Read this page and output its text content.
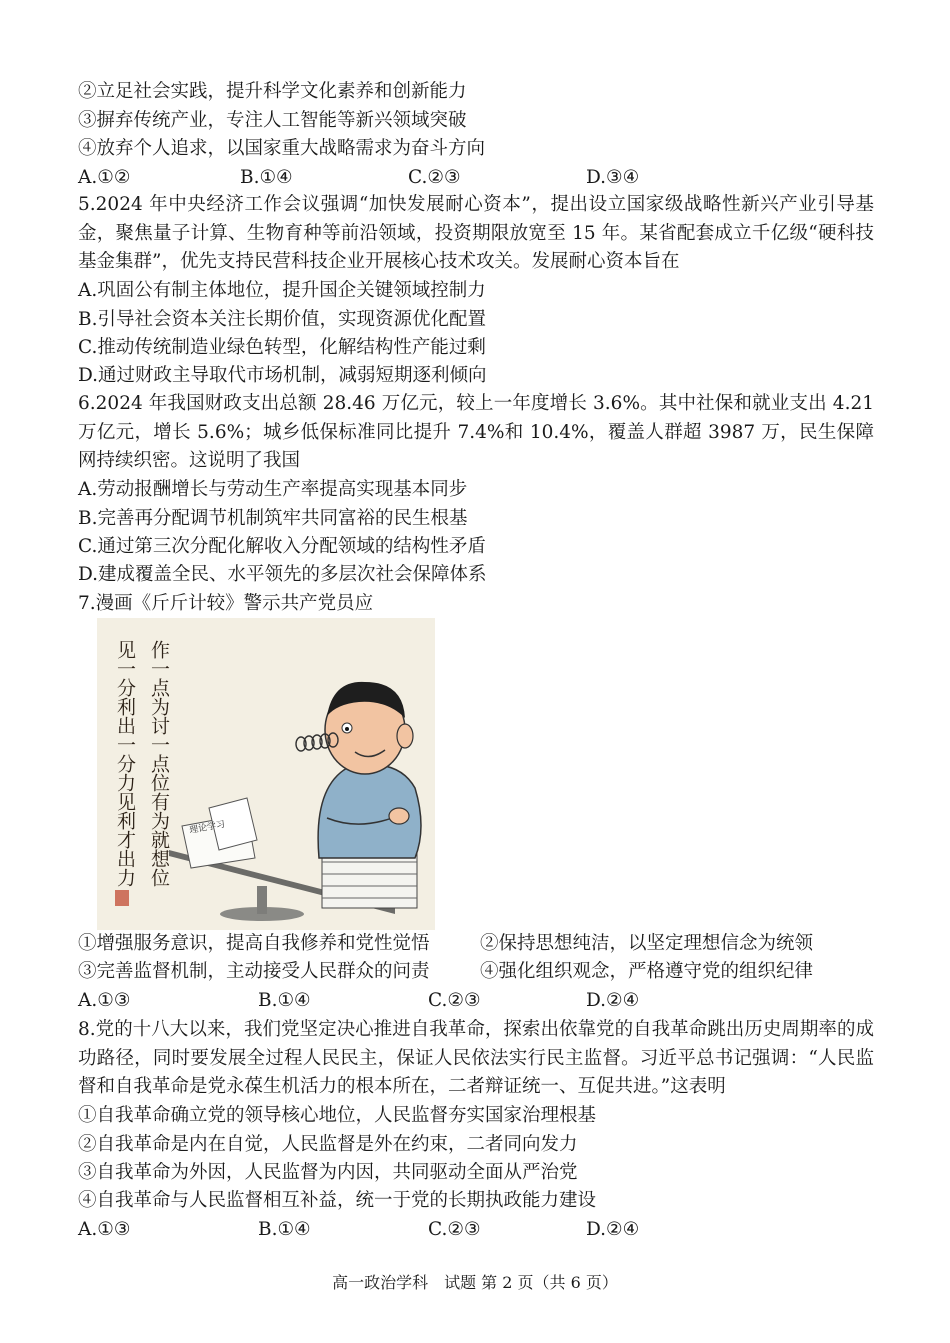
②立足社会实践，提升科学文化素养和创新能力
③摒弃传统产业，专注人工智能等新兴领域突破
④放弃个人追求，以国家重大战略需求为奋斗方向
A.①②	B.①④	C.②③	D.③④
5.2024 年中央经济工作会议强调“加快发展耐心资本”，提出设立国家级战略性新兴产业引导基金，聚焦量子计算、生物育种等前沿领域，投资期限放宽至 15 年。某省配套成立千亿级“硬科技基金集群”，优先支持民营科技企业开展核心技术攻关。发展耐心资本旨在
A.巩固公有制主体地位，提升国企关键领域控制力
B.引导社会资本关注长期价值，实现资源优化配置
C.推动传统制造业绿色转型，化解结构性产能过剩
D.通过财政主导取代市场机制，减弱短期逐利倾向
6.2024 年我国财政支出总额 28.46 万亿元，较上一年度增长 3.6%。其中社保和就业支出 4.21 万亿元，增长 5.6%；城乡低保标准同比提升 7.4%和 10.4%，覆盖人群超 3987 万，民生保障网持续织密。这说明了我国
A.劳动报酬增长与劳动生产率提高实现基本同步
B.完善再分配调节机制筑牢共同富裕的民生根基
C.通过第三次分配化解收入分配领域的结构性矛盾
D.建成覆盖全民、水平领先的多层次社会保障体系
7.漫画《斤斤计较》警示共产党员应
作一点为讨一点位有为就想位
见一分利出一分力见利才出力	理论学习
①增强服务意识，提高自我修养和党性觉悟	②保持思想纯洁，以坚定理想信念为统领
③完善监督机制，主动接受人民群众的问责	④强化组织观念，严格遵守党的组织纪律
A.①③	B.①④	C.②③	D.②④
8.党的十八大以来，我们党坚定决心推进自我革命，探索出依靠党的自我革命跳出历史周期率的成功路径，同时要发展全过程人民民主，保证人民依法实行民主监督。习近平总书记强调：“人民监督和自我革命是党永葆生机活力的根本所在，二者辩证统一、互促共进。”这表明
①自我革命确立党的领导核心地位，人民监督夯实国家治理根基
②自我革命是内在自觉，人民监督是外在约束，二者同向发力
③自我革命为外因，人民监督为内因，共同驱动全面从严治党
④自我革命与人民监督相互补益，统一于党的长期执政能力建设
A.①③	B.①④	C.②③	D.②④
高一政治学科　试题 第 2 页（共 6 页）
